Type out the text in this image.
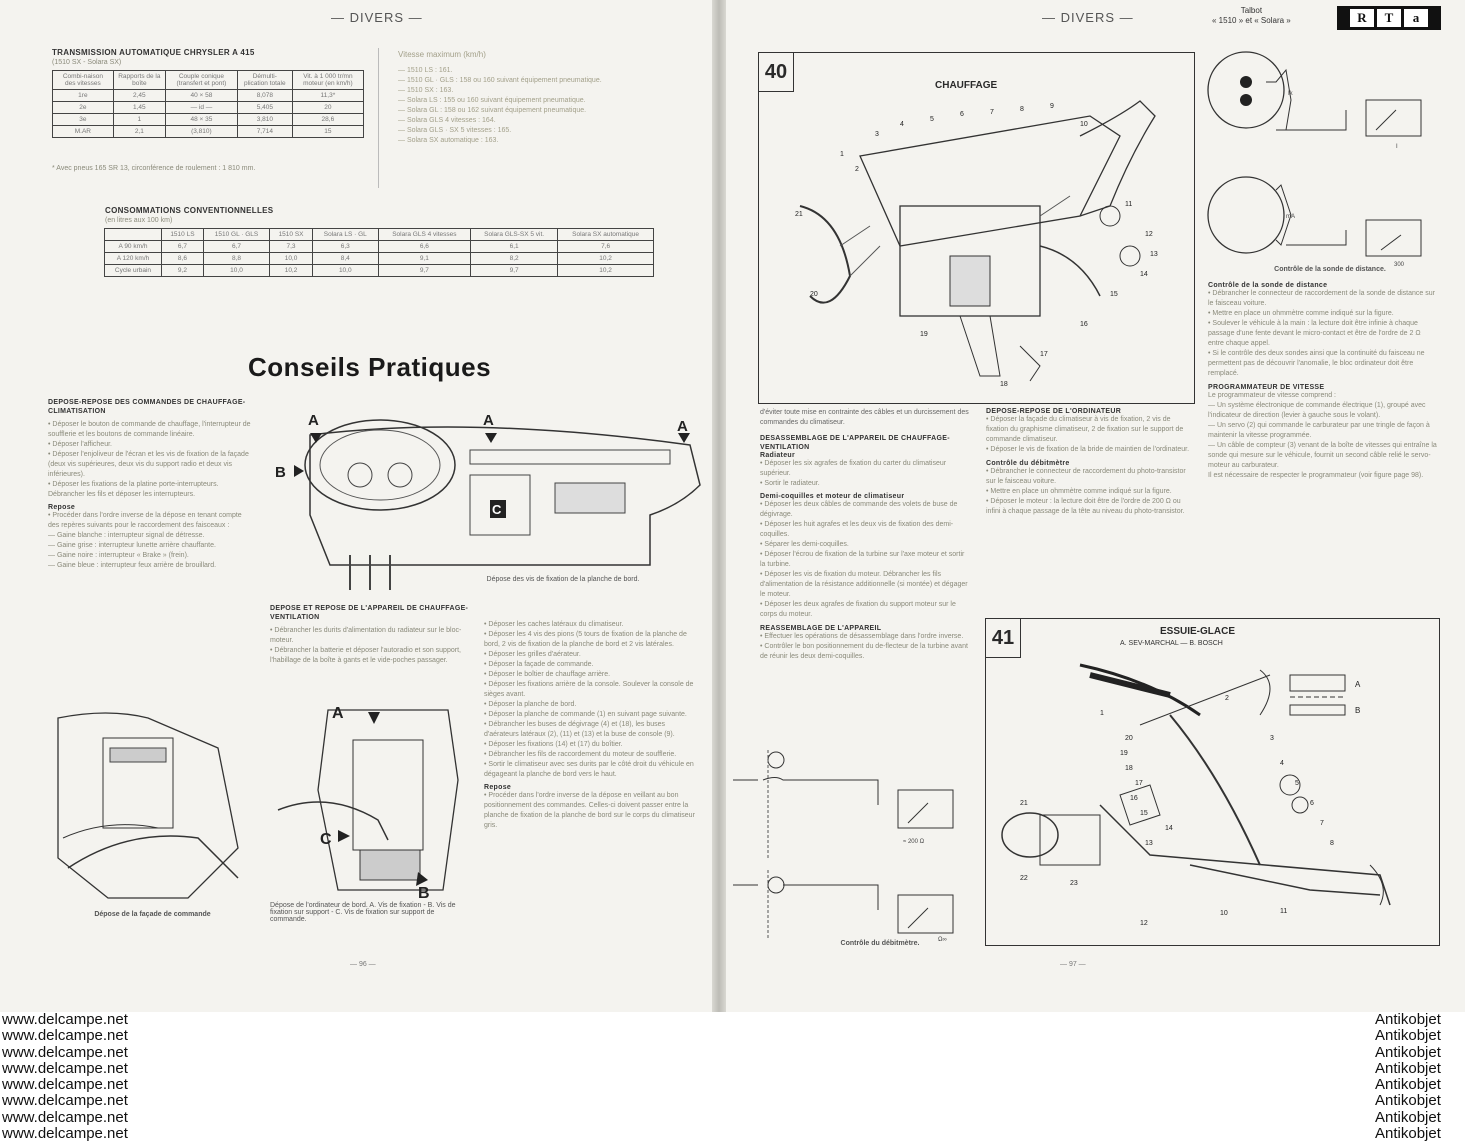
— DIVERS —
TRANSMISSION AUTOMATIQUE CHRYSLER A 415
(1510 SX - Solara SX)
Combi-naison des vitesses	Rapports de la boîte	Couple conique (transfert et pont)	Démulti-plication totale	Vit. à 1 000 tr/mn moteur (en km/h)
1re	2,45	40 × 58	8,078	11,3*
2e	1,45	— id —	5,405	20
3e	1	48 × 35	3,810	28,6
M.AR	2,1	(3,810)	7,714	15
* Avec pneus 165 SR 13, circonférence de roulement : 1 810 mm.
Vitesse maximum (km/h)
— 1510 LS : 161.
— 1510 GL · GLS : 158 ou 160 suivant équipement pneumatique.
— 1510 SX : 163.
— Solara LS : 155 ou 160 suivant équipement pneumatique.
— Solara GL : 158 ou 162 suivant équipement pneumatique.
— Solara GLS 4 vitesses : 164.
— Solara GLS · SX 5 vitesses : 165.
— Solara SX automatique : 163.
CONSOMMATIONS CONVENTIONNELLES
(en litres aux 100 km)
	1510 LS	1510 GL · GLS	1510 SX	Solara LS · GL	Solara GLS 4 vitesses	Solara GLS-SX 5 vit.	Solara SX automatique
A 90 km/h	6,7	6,7	7,3	6,3	6,6	6,1	7,6
A 120 km/h	8,6	8,8	10,0	8,4	9,1	8,2	10,2
Cycle urbain	9,2	10,0	10,2	10,0	9,7	9,7	10,2
Conseils Pratiques
DEPOSE-REPOSE DES COMMANDES DE CHAUFFAGE-CLIMATISATION
• Déposer le bouton de commande de chauffage, l'interrupteur de soufflerie et les boutons de commande linéaire.
• Déposer l'afficheur.
• Déposer l'enjoliveur de l'écran et les vis de fixation de la façade (deux vis supérieures, deux vis du support radio et deux vis inférieures).
• Déposer les fixations de la platine porte-interrupteurs. Débrancher les fils et déposer les interrupteurs.
Repose
• Procéder dans l'ordre inverse de la dépose en tenant compte des repères suivants pour le raccordement des faisceaux :
— Gaine blanche : interrupteur signal de détresse.
— Gaine grise : interrupteur lunette arrière chauffante.
— Gaine noire : interrupteur « Brake » (frein).
— Gaine bleue : interrupteur feux arrière de brouillard.
A	A	A
B
C
Dépose des vis de fixation de la planche de bord.
DEPOSE ET REPOSE DE L'APPAREIL DE CHAUFFAGE-VENTILATION
• Débrancher les durits d'alimentation du radiateur sur le bloc-moteur.
• Débrancher la batterie et déposer l'autoradio et son support, l'habillage de la boîte à gants et le vide-poches passager.
• Déposer les caches latéraux du climatiseur.
• Déposer les 4 vis des pions (5 tours de fixation de la planche de bord, 2 vis de fixation de la planche de bord et 2 vis latérales.
• Déposer les grilles d'aérateur.
• Déposer la façade de commande.
• Déposer le boîtier de chauffage arrière.
• Déposer les fixations arrière de la console. Soulever la console de sièges avant.
• Déposer la planche de bord.
• Déposer la planche de commande (1) en suivant page suivante.
• Débrancher les buses de dégivrage (4) et (18), les buses d'aérateurs latéraux (2), (11) et (13) et la buse de console (9).
• Déposer les fixations (14) et (17) du boîtier.
• Débrancher les fils de raccordement du moteur de soufflerie.
• Sortir le climatiseur avec ses durits par le côté droit du véhicule en dégageant la planche de bord vers le haut.
Repose
• Procéder dans l'ordre inverse de la dépose en veillant au bon positionnement des commandes. Celles-ci doivent passer entre la planche de fixation de la planche de bord sur le corps du climatiseur gris.
Dépose de la façade de commande
A
B
C
Dépose de l'ordinateur de bord. A. Vis de fixation - B. Vis de fixation sur support - C. Vis de fixation sur support de commande.
— 96 —
— DIVERS —	Talbot
« 1510 » et « Solara »	R	T	a
40
CHAUFFAGE
1
2
3
4
5
6	7	8	9
10
11
12
13
14
15
16
17
18
19
20
21
Ik
I
mA
300
Contrôle de la sonde de distance.
Contrôle de la sonde de distance
• Débrancher le connecteur de raccordement de la sonde de distance sur le faisceau voiture.
• Mettre en place un ohmmètre comme indiqué sur la figure.
• Soulever le véhicule à la main : la lecture doit être infinie à chaque passage d'une fente devant le micro-contact et être de l'ordre de 2 Ω entre chaque appel.
• Si le contrôle des deux sondes ainsi que la continuité du faisceau ne permettent pas de découvrir l'anomalie, le bloc ordinateur doit être remplacé.
PROGRAMMATEUR DE VITESSE
Le programmateur de vitesse comprend :
— Un système électronique de commande électrique (1), groupé avec l'indicateur de direction (levier à gauche sous le volant).
— Un servo (2) qui commande le carburateur par une tringle de façon à maintenir la vitesse programmée.
— Un câble de compteur (3) venant de la boîte de vitesses qui entraîne la sonde qui mesure sur le véhicule, fournit un second câble relié le servo-moteur au carburateur.
Il est nécessaire de respecter le programmateur (voir figure page 98).
d'éviter toute mise en contrainte des câbles et un durcissement des commandes du climatiseur.
DESASSEMBLAGE DE L'APPAREIL DE CHAUFFAGE-VENTILATION
Radiateur
• Déposer les six agrafes de fixation du carter du climatiseur supérieur.
• Sortir le radiateur.
Demi-coquilles et moteur de climatiseur
• Déposer les deux câbles de commande des volets de buse de dégivrage.
• Déposer les huit agrafes et les deux vis de fixation des demi-coquilles.
• Séparer les demi-coquilles.
• Déposer l'écrou de fixation de la turbine sur l'axe moteur et sortir la turbine.
• Déposer les vis de fixation du moteur. Débrancher les fils d'alimentation de la résistance additionnelle (si montée) et dégager le moteur.
• Déposer les deux agrafes de fixation du support moteur sur le corps du moteur.
REASSEMBLAGE DE L'APPAREIL
• Effectuer les opérations de désassemblage dans l'ordre inverse.
• Contrôler le bon positionnement du de-flecteur de la turbine avant de réunir les deux demi-coquilles.
DEPOSE-REPOSE DE L'ORDINATEUR
• Déposer la façade du climatiseur à vis de fixation, 2 vis de fixation du graphisme climatiseur, 2 de fixation sur le support de commande climatiseur.
• Déposer le vis de fixation de la bride de maintien de l'ordinateur.
Contrôle du débitmètre
• Débrancher le connecteur de raccordement du photo-transistor sur le faisceau voiture.
• Mettre en place un ohmmètre comme indiqué sur la figure.
• Déposer le moteur : la lecture doit être de l'ordre de 200 Ω ou infini à chaque passage de la tête au niveau du photo-transistor.
≈ 200 Ω
Ω∞
Contrôle du débitmètre.
41	ESSUIE-GLACE
A. SEV-MARCHAL — B. BOSCH
1
2
3
4
5
6
7
8
10	11
12
13
14
15
16
17
18
19
20
21
22
23
A
B
— 97 —
www.delcampe.net
www.delcampe.net
www.delcampe.net
www.delcampe.net
www.delcampe.net
www.delcampe.net
www.delcampe.net
www.delcampe.net
Antikobjet
Antikobjet
Antikobjet
Antikobjet
Antikobjet
Antikobjet
Antikobjet
Antikobjet
